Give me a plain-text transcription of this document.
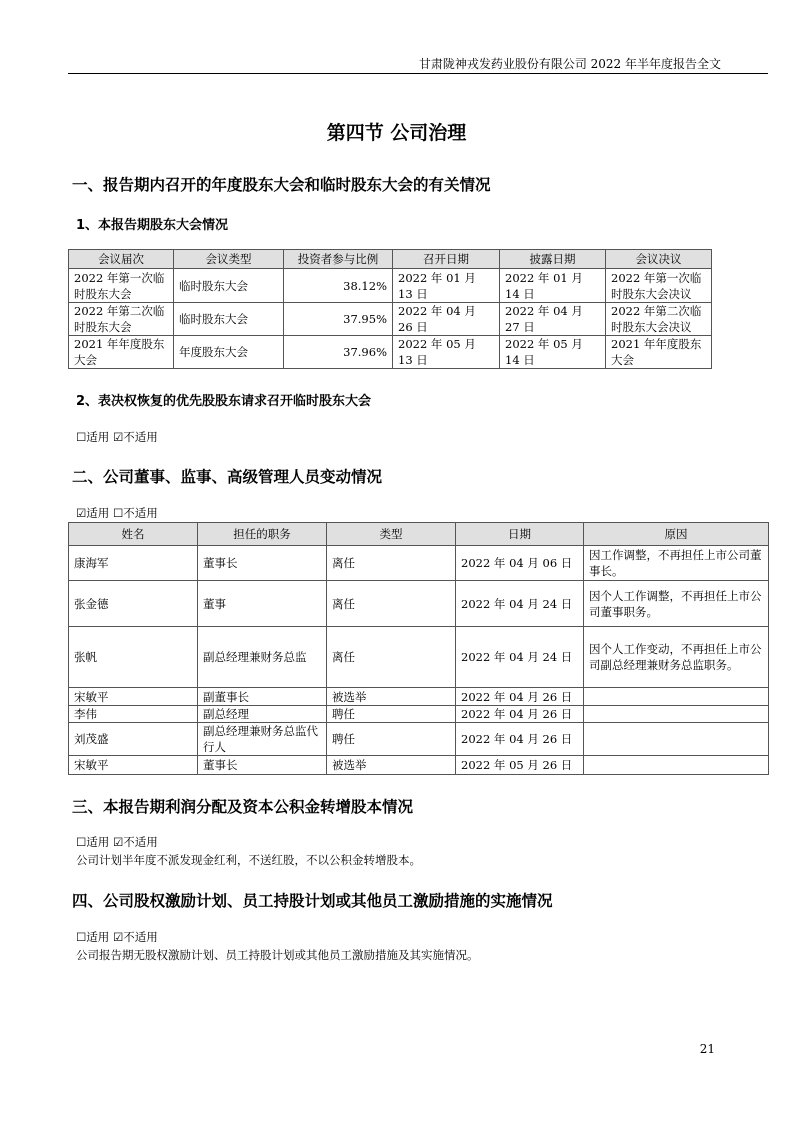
甘肃陇神戎发药业股份有限公司 2022 年半年度报告全文
第四节 公司治理
一、报告期内召开的年度股东大会和临时股东大会的有关情况
1、本报告期股东大会情况
会议届次	会议类型	投资者参与比例	召开日期	披露日期	会议决议
2022 年第一次临时股东大会	临时股东大会	38.12%	2022 年 01 月 13 日	2022 年 01 月 14 日	2022 年第一次临时股东大会决议
2022 年第二次临时股东大会	临时股东大会	37.95%	2022 年 04 月 26 日	2022 年 04 月 27 日	2022 年第二次临时股东大会决议
2021 年年度股东大会	年度股东大会	37.96%	2022 年 05 月 13 日	2022 年 05 月 14 日	2021 年年度股东大会
2、表决权恢复的优先股股东请求召开临时股东大会
☐适用 ☑不适用
二、公司董事、监事、高级管理人员变动情况
☑适用 ☐不适用
姓名	担任的职务	类型	日期	原因
康海军	董事长	离任	2022 年 04 月 06 日	因工作调整，不再担任上市公司董事长。
张金德	董事	离任	2022 年 04 月 24 日	因个人工作调整，不再担任上市公司董事职务。
张帆	副总经理兼财务总监	离任	2022 年 04 月 24 日	因个人工作变动，不再担任上市公司副总经理兼财务总监职务。
宋敏平	副董事长	被选举	2022 年 04 月 26 日	
李伟	副总经理	聘任	2022 年 04 月 26 日	
刘茂盛	副总经理兼财务总监代行人	聘任	2022 年 04 月 26 日	
宋敏平	董事长	被选举	2022 年 05 月 26 日	
三、本报告期利润分配及资本公积金转增股本情况
☐适用 ☑不适用
公司计划半年度不派发现金红利，不送红股，不以公积金转增股本。
四、公司股权激励计划、员工持股计划或其他员工激励措施的实施情况
☐适用 ☑不适用
公司报告期无股权激励计划、员工持股计划或其他员工激励措施及其实施情况。
21
